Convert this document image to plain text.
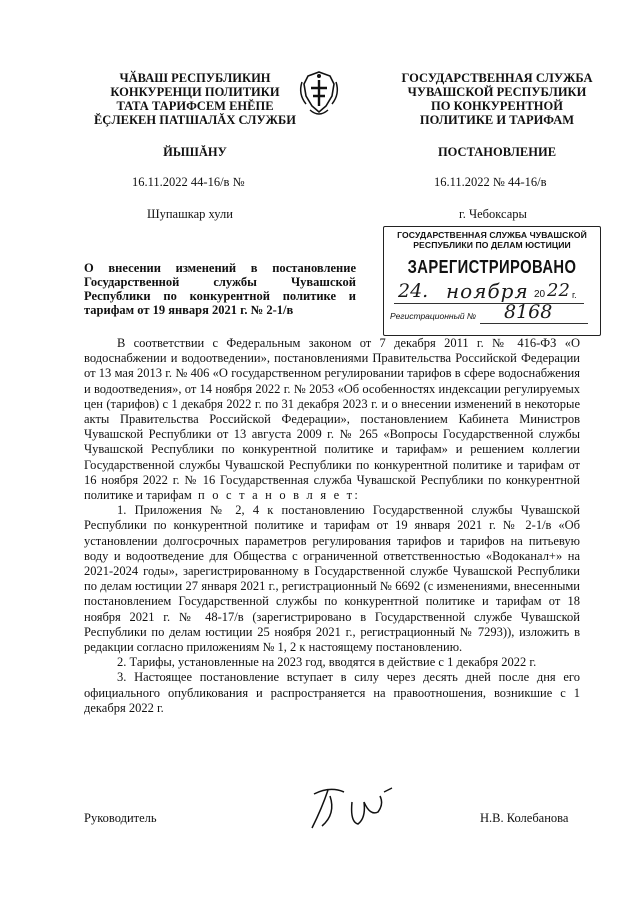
ЧӐВАШ РЕСПУБЛИКИН
КОНКУРЕНЦИ ПОЛИТИКИ
ТАТА ТАРИФСЕМ ЕНĔПЕ
ĔÇЛЕКЕН ПАТШАЛĂХ СЛУЖБИ
ЙЫШĂНУ
16.11.2022 44-16/в №
Шупашкар хули
ГОСУДАРСТВЕННАЯ СЛУЖБА
ЧУВАШСКОЙ РЕСПУБЛИКИ
ПО КОНКУРЕНТНОЙ
ПОЛИТИКЕ И ТАРИФАМ
ПОСТАНОВЛЕНИЕ
16.11.2022 № 44-16/в
г. Чебоксары
ГОСУДАРСТВЕННАЯ СЛУЖБА ЧУВАШСКОЙ
РЕСПУБЛИКИ ПО ДЕЛАМ ЮСТИЦИИ
ЗАРЕГИСТРИРОВАНО
24. ноября 20 22 г.
Регистрационный № 8168
О внесении изменений в постановление Государственной службы Чувашской Республики по конкурентной политике и тарифам от 19 января 2021 г. № 2-1/в

В соответствии с Федеральным законом от 7 декабря 2011 г. № 416-ФЗ «О водоснабжении и водоотведении», постановлениями Правительства Российской Федерации от 13 мая 2013 г. № 406 «О государственном регулировании тарифов в сфере водоснабжения и водоотведения», от 14 ноября 2022 г. № 2053 «Об особенностях индексации регулируемых цен (тарифов) с 1 декабря 2022 г. по 31 декабря 2023 г. и о внесении изменений в некоторые акты Правительства Российской Федерации», постановлением Кабинета Министров Чувашской Республики от 13 августа 2009 г. № 265 «Вопросы Государственной службы Чувашской Республики по конкурентной политике и тарифам» и решением коллегии Государственной службы Чувашской Республики по конкурентной политике и тарифам от 16 ноября 2022 г. № 16 Государственная служба Чувашской Республики по конкурентной политике и тарифам п о с т а н о в л я е т:

1. Приложения № 2, 4 к постановлению Государственной службы Чувашской Республики по конкурентной политике и тарифам от 19 января 2021 г. № 2-1/в «Об установлении долгосрочных параметров регулирования тарифов и тарифов на питьевую воду и водоотведение для Общества с ограниченной ответственностью «Водоканал+» на 2021-2024 годы», зарегистрированному в Государственной службе Чувашской Республики по делам юстиции 27 января 2021 г., регистрационный № 6692 (с изменениями, внесенными постановлением Государственной службы по конкурентной политике и тарифам от 18 ноября 2021 г. № 48-17/в (зарегистрировано в Государственной службе Чувашской Республики по делам юстиции 25 ноября 2021 г., регистрационный № 7293)), изложить в редакции согласно приложениям № 1, 2 к настоящему постановлению.

2. Тарифы, установленные на 2023 год, вводятся в действие с 1 декабря 2022 г.

3. Настоящее постановление вступает в силу через десять дней после дня его официального опубликования и распространяется на правоотношения, возникшие с 1 декабря 2022 г.

Руководитель	Н.В. Колебанова
